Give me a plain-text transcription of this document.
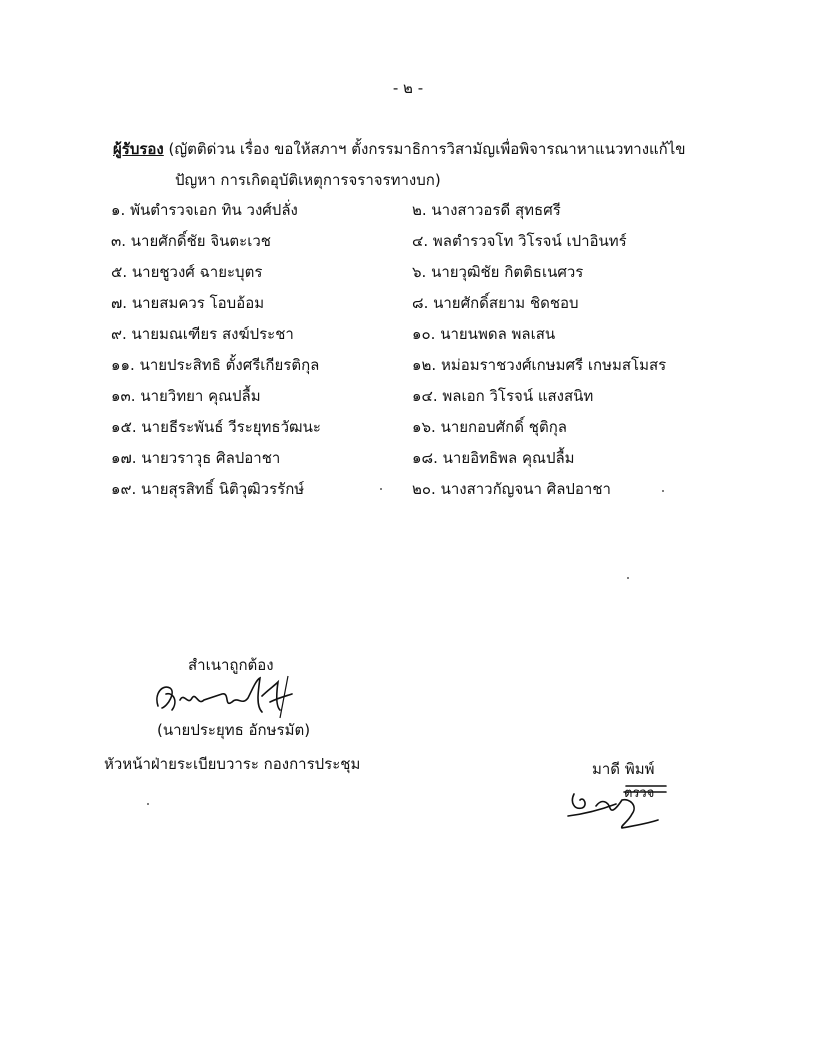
- ๒ -
ผู้รับรอง (ญัตติด่วน เรื่อง ขอให้สภาฯ ตั้งกรรมาธิการวิสามัญเพื่อพิจารณาหาแนวทางแก้ไข
ปัญหา การเกิดอุบัติเหตุการจราจรทางบก)
๑. พันตำรวจเอก ทิน วงศ์ปลั่ง
๓. นายศักดิ์ชัย จินตะเวช
๕. นายชูวงศ์ ฉายะบุตร
๗. นายสมควร โอบอ้อม
๙. นายมณเฑียร สงฆ์ประชา
๑๑. นายประสิทธิ ตั้งศรีเกียรติกุล
๑๓. นายวิทยา คุณปลื้ม
๑๕. นายธีระพันธ์ วีระยุทธวัฒนะ
๑๗. นายวราวุธ ศิลปอาชา
๑๙. นายสุรสิทธิ์ นิติวุฒิวรรักษ์
๒. นางสาวอรดี สุทธศรี
๔. พลตำรวจโท วิโรจน์ เปาอินทร์
๖. นายวุฒิชัย กิตติธเนศวร
๘. นายศักดิ์สยาม ชิดชอบ
๑๐. นายนพดล พลเสน
๑๒. หม่อมราชวงศ์เกษมศรี เกษมสโมสร
๑๔. พลเอก วิโรจน์ แสงสนิท
๑๖. นายกอบศักดิ์ ชุติกุล
๑๘. นายอิทธิพล คุณปลื้ม
๒๐. นางสาวกัญจนา ศิลปอาชา
สำเนาถูกต้อง
(นายประยุทธ อักษรมัต)
หัวหน้าฝ่ายระเบียบวาระ กองการประชุม	มาดี พิมพ์
ตรวจ
